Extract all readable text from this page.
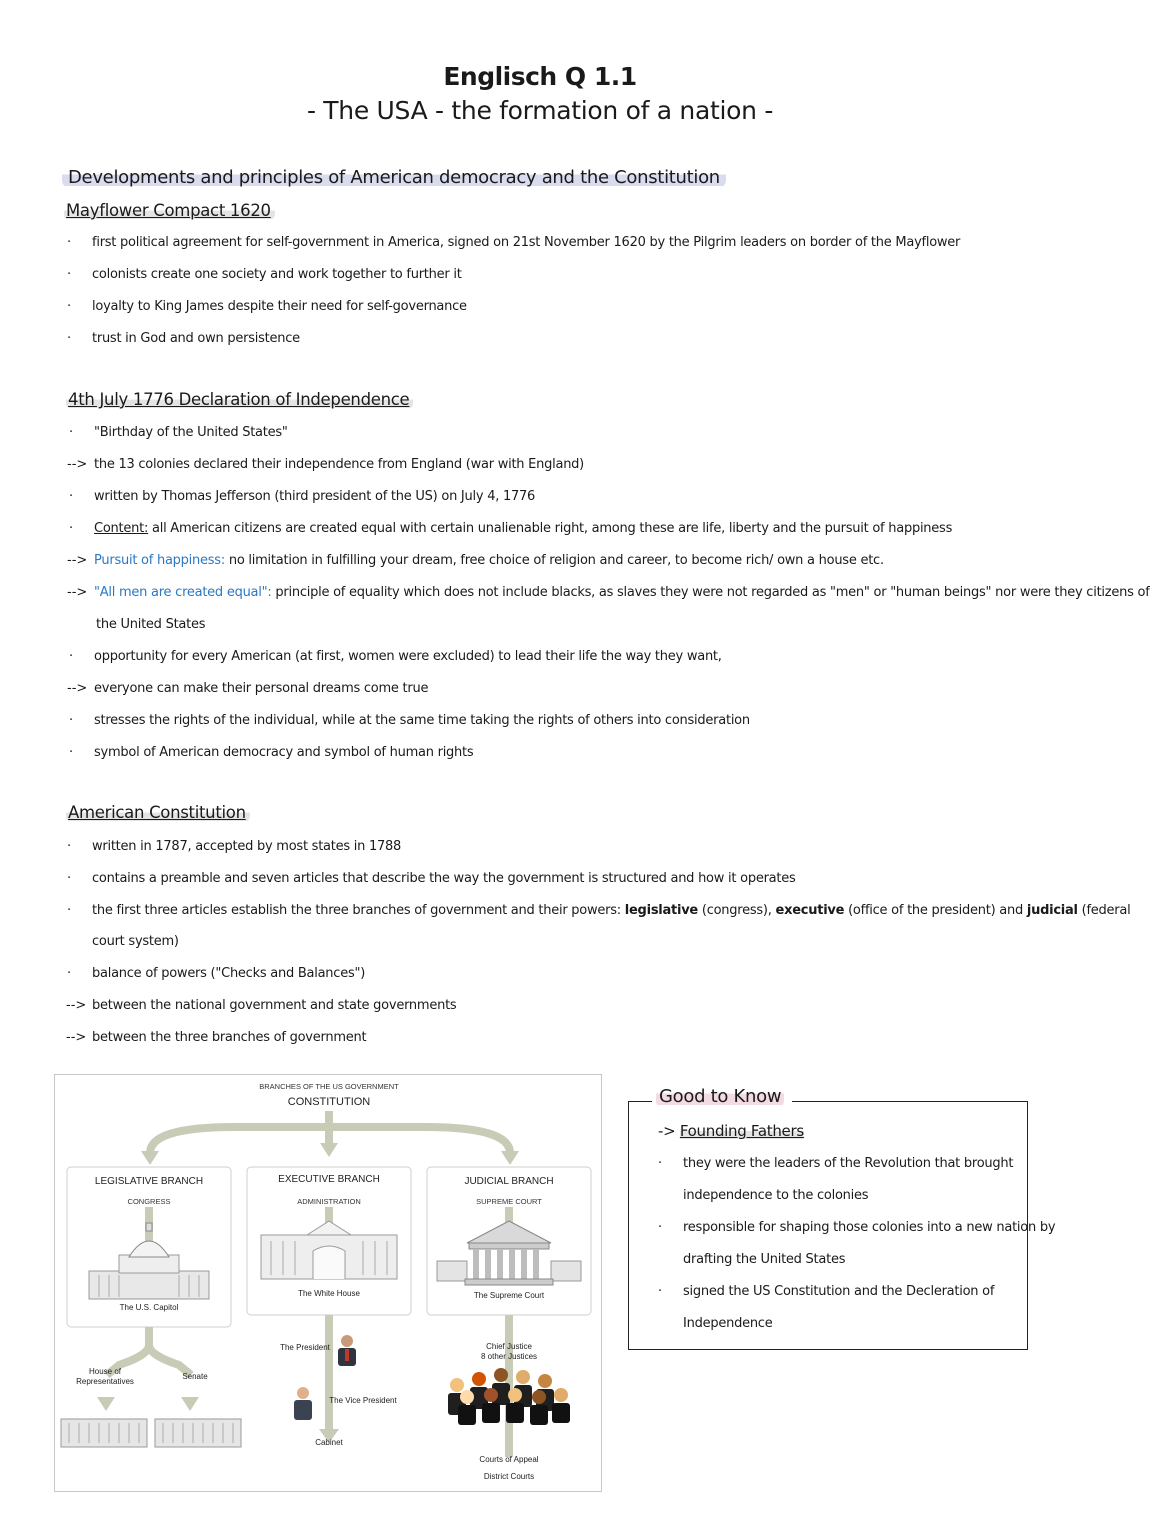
Englisch Q 1.1
- The USA - the formation of a nation -
Developments and principles of American democracy and the Constitution
Mayflower Compact 1620
· first political agreement for self-government in America, signed on 21st November 1620 by the Pilgrim leaders on border of the Mayflower
· colonists create one society and work together to further it
· loyalty to King James despite their need for self-governance
· trust in God and own persistence
4th July 1776 Declaration of Independence
· "Birthday of the United States"
--> the 13 colonies declared their independence from England (war with England)
· written by Thomas Jefferson (third president of the US) on July 4, 1776
· Content: all American citizens are created equal with certain unalienable right, among these are life, liberty and the pursuit of happiness
--> Pursuit of happiness: no limitation in fulfilling your dream, free choice of religion and career, to become rich/ own a house etc.
--> "All men are created equal": principle of equality which does not include blacks, as slaves they were not regarded as "men" or "human beings" nor were they citizens of
the United States
· opportunity for every American (at first, women were excluded) to lead their life the way they want,
--> everyone can make their personal dreams come true
· stresses the rights of the individual, while at the same time taking the rights of others into consideration
· symbol of American democracy and symbol of human rights
American Constitution
· written in 1787, accepted by most states in 1788
· contains a preamble and seven articles that describe the way the government is structured and how it operates
· the first three articles establish the three branches of government and their powers: legislative (congress), executive (office of the president) and judicial (federal
court system)
· balance of powers ("Checks and Balances")
--> between the national government and state governments
--> between the three branches of government
BRANCHES OF THE US GOVERNMENT
CONSTITUTION
LEGISLATIVE BRANCH
CONGRESS
EXECUTIVE BRANCH
ADMINISTRATION
JUDICIAL BRANCH
SUPREME COURT
The U.S. Capitol
The White House	The Supreme Court
House of
Representatives
Senate
The President
The Vice President
Cabinet
Chief Justice
8 other Justices
Courts of Appeal
District Courts
Good to Know
-> Founding Fathers
· they were the leaders of the Revolution that brought
independence to the colonies
· responsible for shaping those colonies into a new nation by
drafting the United States
· signed the US Constitution and the Decleration of
Independence
